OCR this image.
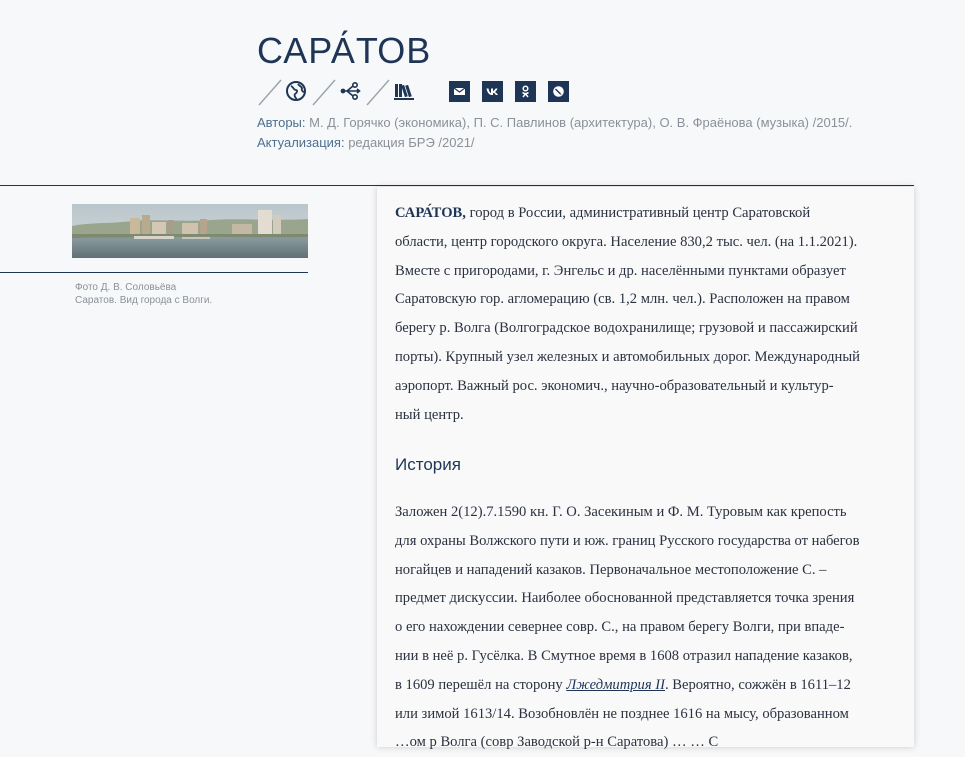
САРА́ТОВ
Авторы: М. Д. Горячко (экономика), П. С. Павлинов (архитектура), О. В. Фраёнова (музыка) /2015/.
Актуализация: редакция БРЭ /2021/
Фото Д. В. Соловьёва
Саратов. Вид города с Волги.
САРА́ТОВ, город в России, административный центр Саратовской
области, центр городского округа. Население 830,2 тыс. чел. (на 1.1.2021).
Вместе с пригородами, г. Энгельс и др. населёнными пунктами образует
Саратовскую гор. агломерацию (св. 1,2 млн. чел.). Расположен на правом
берегу р. Волга (Волгоградское водохранилище; грузовой и пассажирский
порты). Крупный узел железных и автомобильных дорог. Международный
аэропорт. Важный рос. экономич., научно-образовательный и культур-
ный центр.
История
Заложен 2(12).7.1590 кн. Г. О. Засекиным и Ф. М. Туровым как крепость
для охраны Волжского пути и юж. границ Русского государства от набегов
ногайцев и нападений казаков. Первоначальное местоположение С. –
предмет дискуссии. Наиболее обоснованной представляется точка зрения
о его нахождении севернее совр. С., на правом берегу Волги, при впаде-
нии в неё р. Гусёлка. В Смутное время в 1608 отразил нападение казаков,
в 1609 перешёл на сторону Лжедмитрия II. Вероятно, сожжён в 1611–12
или зимой 1613/14. Возобновлён не позднее 1616 на мысу, образованном
…ом р Волга (совр Заводской р-н Саратова) … … С
